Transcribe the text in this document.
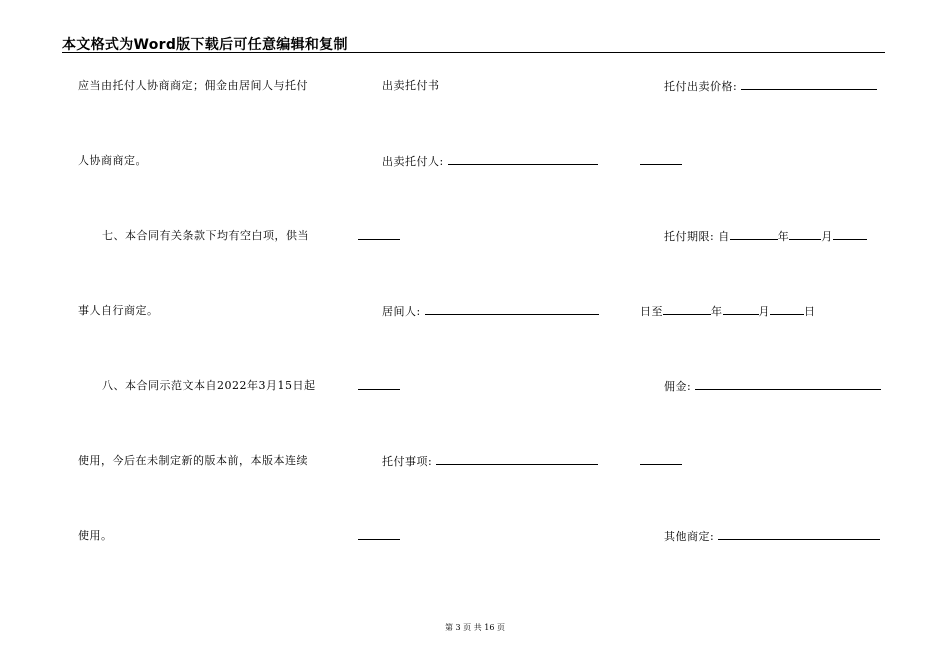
本文格式为Word版下载后可任意编辑和复制
应当由托付人协商商定；佣金由居间人与托付
人协商商定。
七、本合同有关条款下均有空白项，供当
事人自行商定。
八、本合同示范文本自2022年3月15日起
使用，今后在未制定新的版本前，本版本连续
使用。
出卖托付书
出卖托付人:
居间人:
托付事项:
托付出卖价格:
托付期限: 自	年	月
日至	年	月	日
佣金:
其他商定:
第 3 页 共 16 页
